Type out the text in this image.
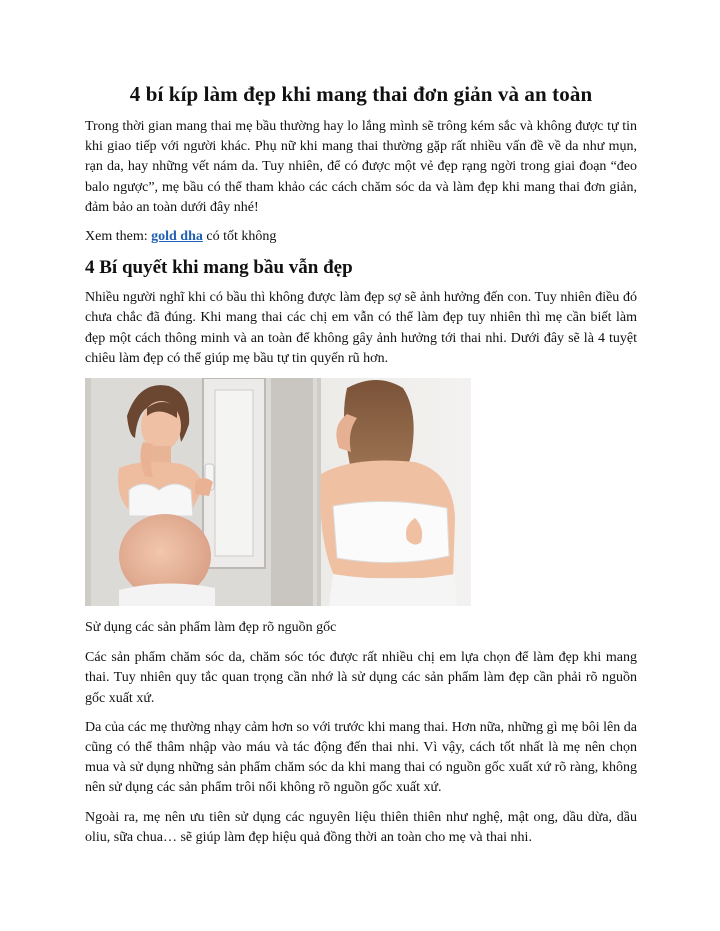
4 bí kíp làm đẹp khi mang thai đơn giản và an toàn

Trong thời gian mang thai mẹ bầu thường hay lo lắng mình sẽ trông kém sắc và không được tự tin khi giao tiếp với người khác. Phụ nữ khi mang thai thường gặp rất nhiều vấn đề về da như mụn, rạn da, hay những vết nám da. Tuy nhiên, để có được một vẻ đẹp rạng ngời trong giai đoạn “đeo balo ngược”, mẹ bầu có thể tham khảo các cách chăm sóc da và làm đẹp khi mang thai đơn giản, đảm bảo an toàn dưới đây nhé!

Xem them: gold dha có tốt không

4 Bí quyết khi mang bầu vẫn đẹp

Nhiều người nghĩ khi có bầu thì không được làm đẹp sợ sẽ ảnh hưởng đến con. Tuy nhiên điều đó chưa chắc đã đúng. Khi mang thai các chị em vẫn có thể làm đẹp tuy nhiên thì mẹ cần biết làm đẹp một cách thông minh và an toàn để không gây ảnh hưởng tới thai nhi. Dưới đây sẽ là 4 tuyệt chiêu làm đẹp có thể giúp mẹ bầu tự tin quyến rũ hơn.

Sử dụng các sản phẩm làm đẹp rõ nguồn gốc

Các sản phẩm chăm sóc da, chăm sóc tóc được rất nhiều chị em lựa chọn để làm đẹp khi mang thai. Tuy nhiên quy tắc quan trọng cần nhớ là sử dụng các sản phẩm làm đẹp cần phải rõ nguồn gốc xuất xứ.

Da của các mẹ thường nhạy cảm hơn so với trước khi mang thai. Hơn nữa, những gì mẹ bôi lên da cũng có thể thâm nhập vào máu và tác động đến thai nhi. Vì vậy, cách tốt nhất là mẹ nên chọn mua và sử dụng những sản phẩm chăm sóc da khi mang thai có nguồn gốc xuất xứ rõ ràng, không nên sử dụng các sản phẩm trôi nổi không rõ nguồn gốc xuất xứ.

Ngoài ra, mẹ nên ưu tiên sử dụng các nguyên liệu thiên thiên như nghệ, mật ong, dầu dừa, dầu oliu, sữa chua… sẽ giúp làm đẹp hiệu quả đồng thời an toàn cho mẹ và thai nhi.
